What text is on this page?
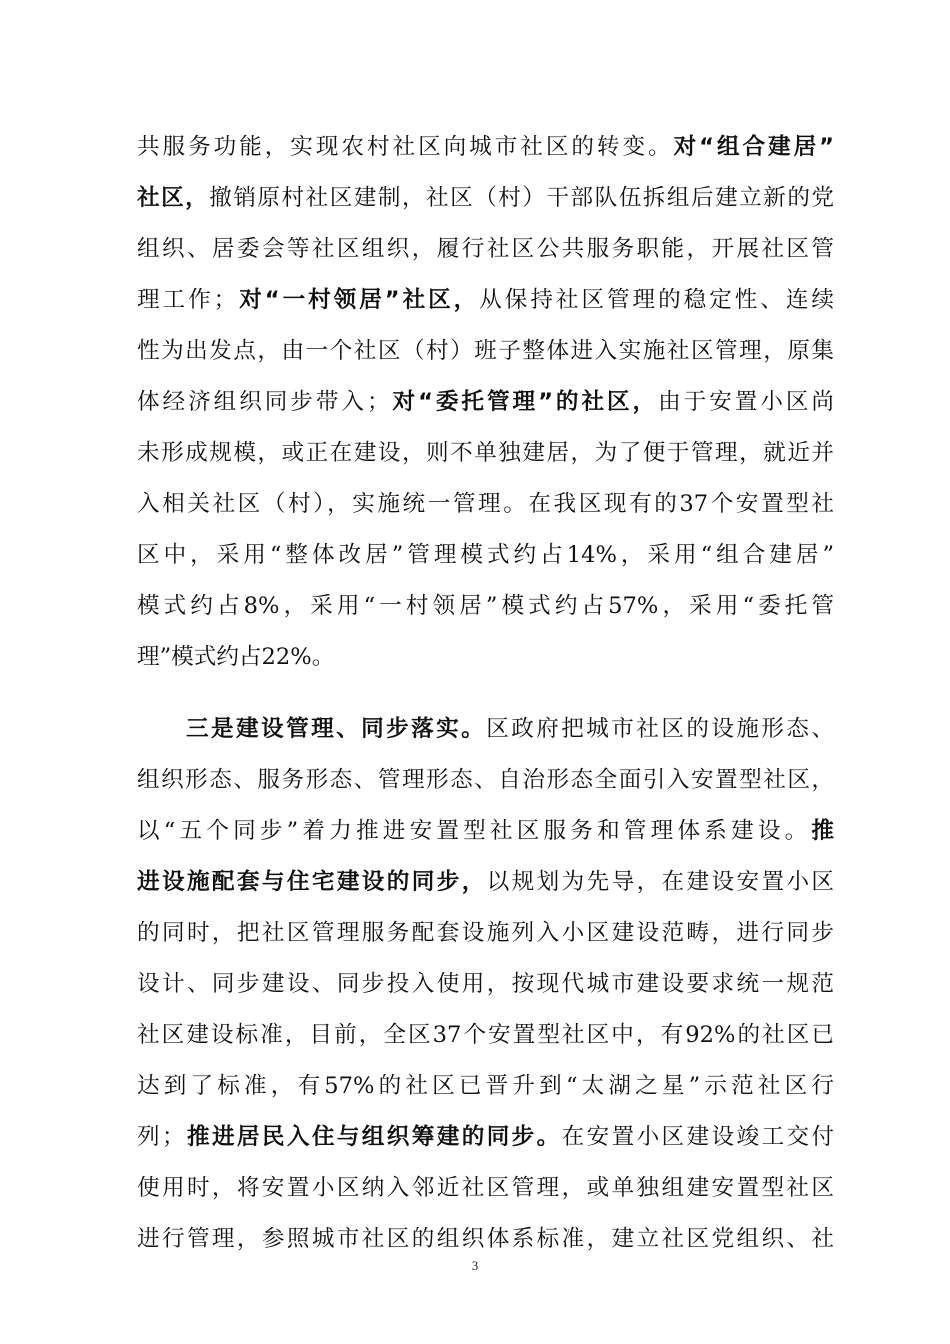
共服务功能，实现农村社区向城市社区的转变。对“组合建居”
社区，撤销原村社区建制，社区（村）干部队伍拆组后建立新的党
组织、居委会等社区组织，履行社区公共服务职能，开展社区管
理工作；对“一村领居”社区，从保持社区管理的稳定性、连续
性为出发点，由一个社区（村）班子整体进入实施社区管理，原集
体经济组织同步带入；对“委托管理”的社区，由于安置小区尚
未形成规模，或正在建设，则不单独建居，为了便于管理，就近并
入相关社区（村），实施统一管理。在我区现有的37个安置型社
区中，采用“整体改居”管理模式约占14%，采用“组合建居”
模式约占8%，采用“一村领居”模式约占57%，采用“委托管
理”模式约占22%。
三是建设管理、同步落实。区政府把城市社区的设施形态、
组织形态、服务形态、管理形态、自治形态全面引入安置型社区，
以“五个同步”着力推进安置型社区服务和管理体系建设。推
进设施配套与住宅建设的同步，以规划为先导，在建设安置小区
的同时，把社区管理服务配套设施列入小区建设范畴，进行同步
设计、同步建设、同步投入使用，按现代城市建设要求统一规范
社区建设标准，目前，全区37个安置型社区中，有92%的社区已
达到了标准，有57%的社区已晋升到“太湖之星”示范社区行
列；推进居民入住与组织筹建的同步。在安置小区建设竣工交付
使用时，将安置小区纳入邻近社区管理，或单独组建安置型社区
进行管理，参照城市社区的组织体系标准，建立社区党组织、社
3
